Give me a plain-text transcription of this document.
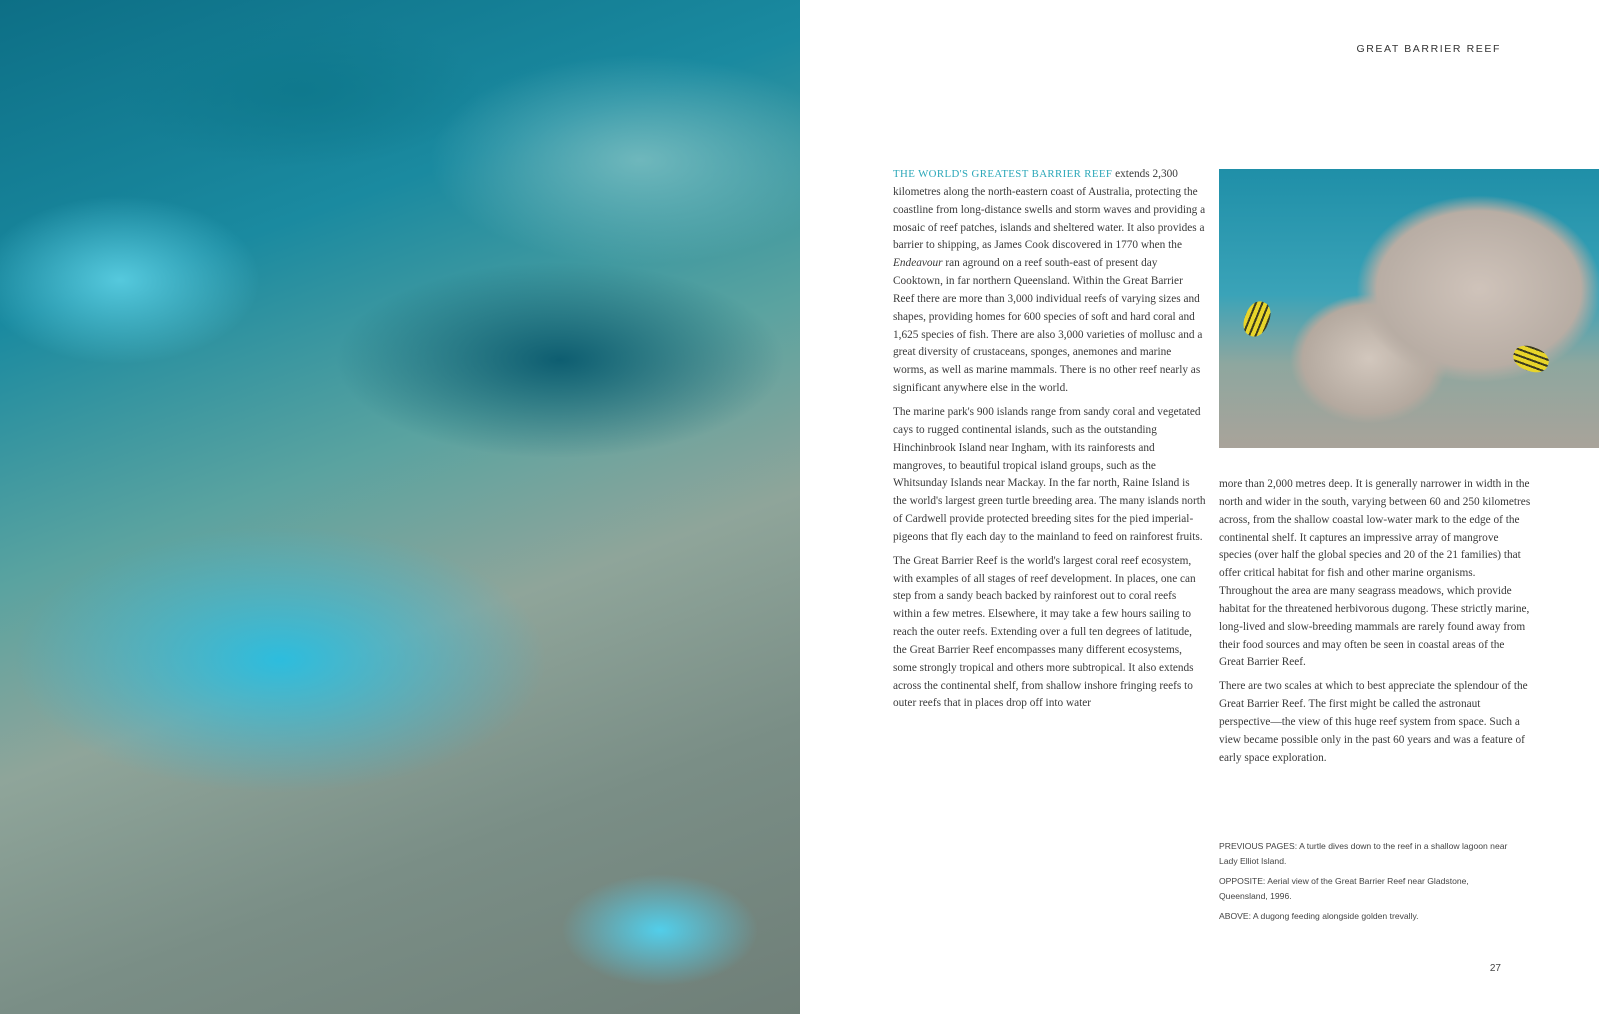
GREAT BARRIER REEF

THE WORLD'S GREATEST BARRIER REEF extends 2,300 kilometres along the north-eastern coast of Australia, protecting the coastline from long-distance swells and storm waves and providing a mosaic of reef patches, islands and sheltered water. It also provides a barrier to shipping, as James Cook discovered in 1770 when the Endeavour ran aground on a reef south-east of present day Cooktown, in far northern Queensland. Within the Great Barrier Reef there are more than 3,000 individual reefs of varying sizes and shapes, providing homes for 600 species of soft and hard coral and 1,625 species of fish. There are also 3,000 varieties of mollusc and a great diversity of crustaceans, sponges, anemones and marine worms, as well as marine mammals. There is no other reef nearly as significant anywhere else in the world.

The marine park's 900 islands range from sandy coral and vegetated cays to rugged continental islands, such as the outstanding Hinchinbrook Island near Ingham, with its rainforests and mangroves, to beautiful tropical island groups, such as the Whitsunday Islands near Mackay. In the far north, Raine Island is the world's largest green turtle breeding area. The many islands north of Cardwell provide protected breeding sites for the pied imperial-pigeons that fly each day to the mainland to feed on rainforest fruits.

The Great Barrier Reef is the world's largest coral reef ecosystem, with examples of all stages of reef development. In places, one can step from a sandy beach backed by rainforest out to coral reefs within a few metres. Elsewhere, it may take a few hours sailing to reach the outer reefs. Extending over a full ten degrees of latitude, the Great Barrier Reef encompasses many different ecosystems, some strongly tropical and others more subtropical. It also extends across the continental shelf, from shallow inshore fringing reefs to outer reefs that in places drop off into water

more than 2,000 metres deep. It is generally narrower in width in the north and wider in the south, varying between 60 and 250 kilometres across, from the shallow coastal low-water mark to the edge of the continental shelf. It captures an impressive array of mangrove species (over half the global species and 20 of the 21 families) that offer critical habitat for fish and other marine organisms. Throughout the area are many seagrass meadows, which provide habitat for the threatened herbivorous dugong. These strictly marine, long-lived and slow-breeding mammals are rarely found away from their food sources and may often be seen in coastal areas of the Great Barrier Reef.

There are two scales at which to best appreciate the splendour of the Great Barrier Reef. The first might be called the astronaut perspective—the view of this huge reef system from space. Such a view became possible only in the past 60 years and was a feature of early space exploration.

PREVIOUS PAGES: A turtle dives down to the reef in a shallow lagoon near Lady Elliot Island.

OPPOSITE: Aerial view of the Great Barrier Reef near Gladstone, Queensland, 1996.

ABOVE: A dugong feeding alongside golden trevally.

27
